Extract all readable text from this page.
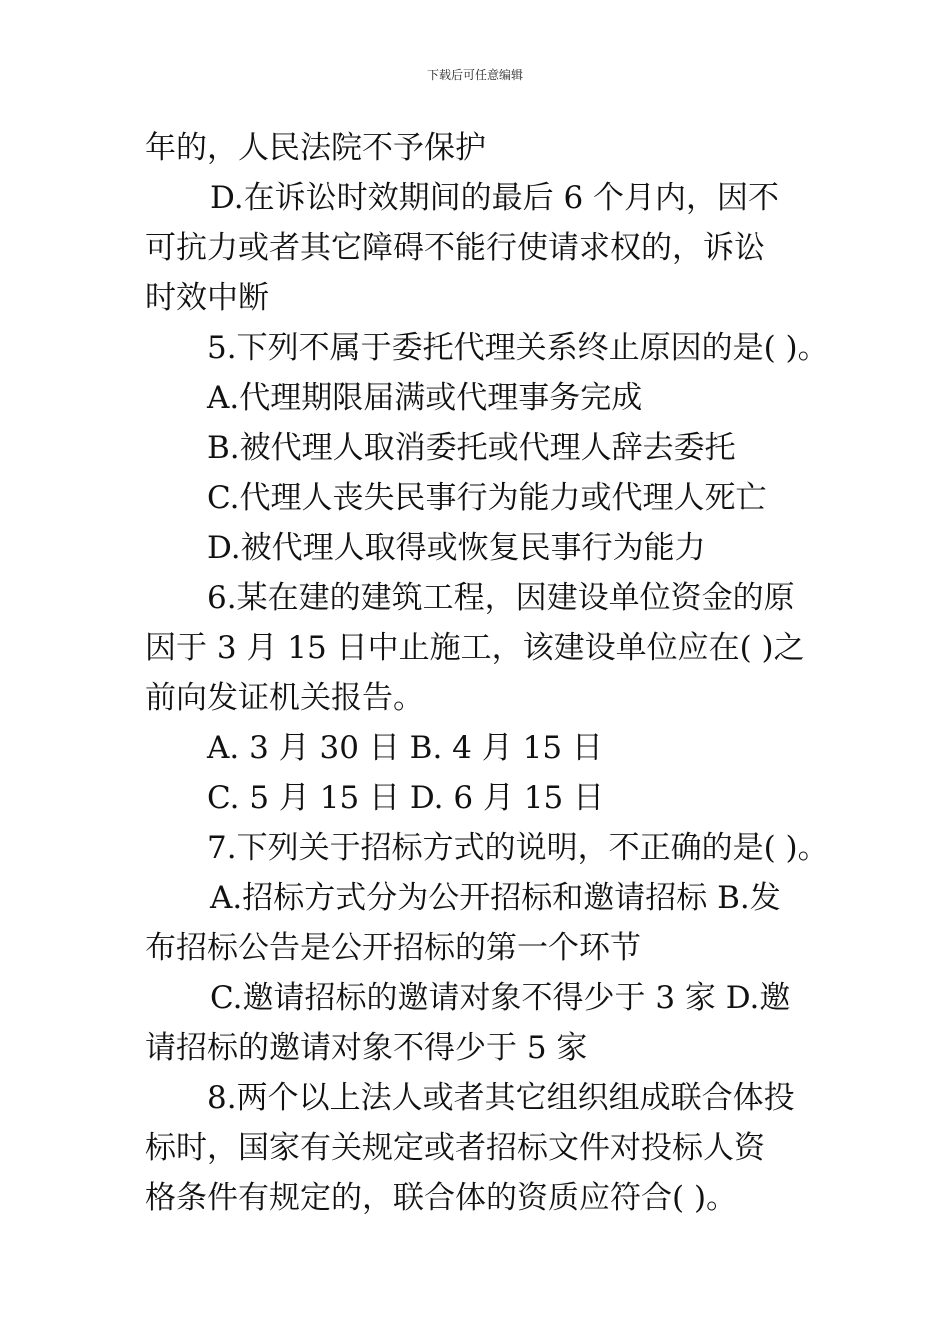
下载后可任意编辑
年的，人民法院不予保护
D.在诉讼时效期间的最后 6 个月内，因不
可抗力或者其它障碍不能行使请求权的，诉讼
时效中断
5.下列不属于委托代理关系终止原因的是( )。
A.代理期限届满或代理事务完成
B.被代理人取消委托或代理人辞去委托
C.代理人丧失民事行为能力或代理人死亡
D.被代理人取得或恢复民事行为能力
6.某在建的建筑工程，因建设单位资金的原
因于 3 月 15 日中止施工，该建设单位应在( )之
前向发证机关报告。
A. 3 月 30 日 B. 4 月 15 日
C. 5 月 15 日 D. 6 月 15 日
7.下列关于招标方式的说明，不正确的是( )。
A.招标方式分为公开招标和邀请招标 B.发
布招标公告是公开招标的第一个环节
C.邀请招标的邀请对象不得少于 3 家 D.邀
请招标的邀请对象不得少于 5 家
8.两个以上法人或者其它组织组成联合体投
标时，国家有关规定或者招标文件对投标人资
格条件有规定的，联合体的资质应符合( )。
